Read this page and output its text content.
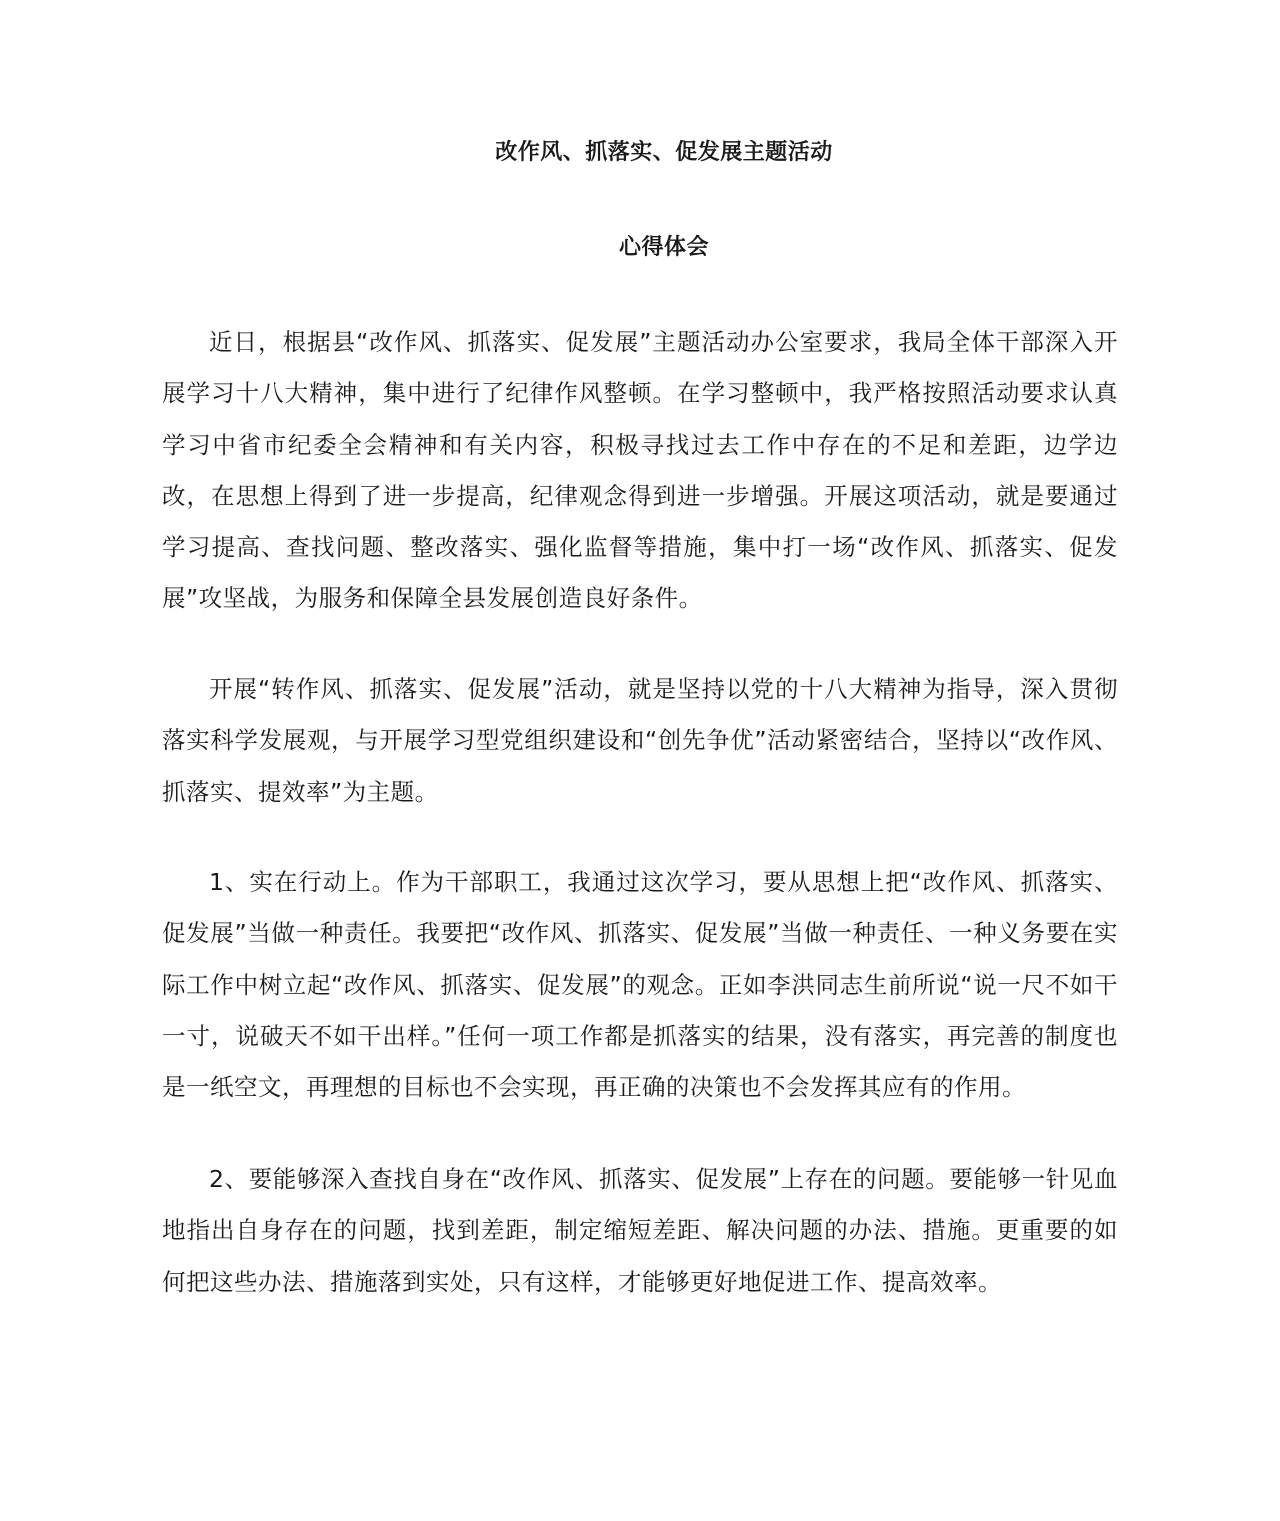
改作风、抓落实、促发展主题活动
心得体会

近日，根据县“改作风、抓落实、促发展”主题活动办公室要求，我局全体干部深入开展学习十八大精神，集中进行了纪律作风整顿。在学习整顿中，我严格按照活动要求认真学习中省市纪委全会精神和有关内容，积极寻找过去工作中存在的不足和差距，边学边改，在思想上得到了进一步提高，纪律观念得到进一步增强。开展这项活动，就是要通过学习提高、查找问题、整改落实、强化监督等措施，集中打一场“改作风、抓落实、促发展”攻坚战，为服务和保障全县发展创造良好条件。

开展“转作风、抓落实、促发展”活动，就是坚持以党的十八大精神为指导，深入贯彻落实科学发展观，与开展学习型党组织建设和“创先争优”活动紧密结合，坚持以“改作风、抓落实、提效率”为主题。

1、实在行动上。作为干部职工，我通过这次学习，要从思想上把“改作风、抓落实、促发展”当做一种责任。我要把“改作风、抓落实、促发展”当做一种责任、一种义务要在实际工作中树立起“改作风、抓落实、促发展”的观念。正如李洪同志生前所说“说一尺不如干一寸，说破天不如干出样。”任何一项工作都是抓落实的结果，没有落实，再完善的制度也是一纸空文，再理想的目标也不会实现，再正确的决策也不会发挥其应有的作用。

2、要能够深入查找自身在“改作风、抓落实、促发展”上存在的问题。要能够一针见血地指出自身存在的问题，找到差距，制定缩短差距、解决问题的办法、措施。更重要的如何把这些办法、措施落到实处，只有这样，才能够更好地促进工作、提高效率。
